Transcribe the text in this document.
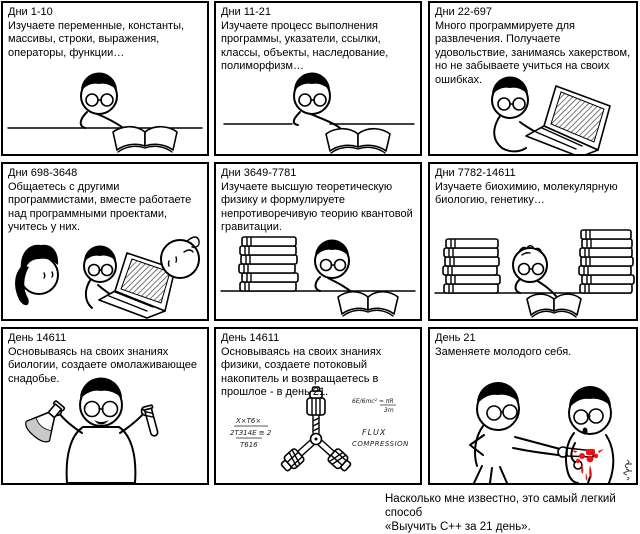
Дни 1-10
Изучаете переменные, константы, массивы, строки, выражения, операторы, функции…
Дни 11-21
Изучаете процесс выполнения программы, указатели, ссылки, классы, объекты, наследование, полиморфизм…
Дни 22-697
Много программируете для развлечения. Получаете удовольствие, занимаясь хакерством, но не забываете учиться на своих ошибках.
Дни 698-3648
Общаетесь с другими программистами, вместе работаете над программными проектами, учитесь у них.
Дни 3649-7781
Изучаете высшую теоретическую физику и формулируете непротиворечивую теорию квантовой гравитации.
Дни 7782-14611
Изучаете биохимию, молекулярную биологию, генетику…
День 14611
Основываясь на своих знаниях биологии, создаете омолаживающее снадобье.
День 14611
Основываясь на своих знаниях физики, создаете потоковый накопитель и возвращаетесь в прошлое - в день 21.
X×T6×
2T314E ≅ 2
T616
6E/6mc² ≈ πR
3m
FLUX
COMPRESSION
День 21
Заменяете молодого себя.
Насколько мне известно, это самый легкий способ
«Выучить C++ за 21 день».
